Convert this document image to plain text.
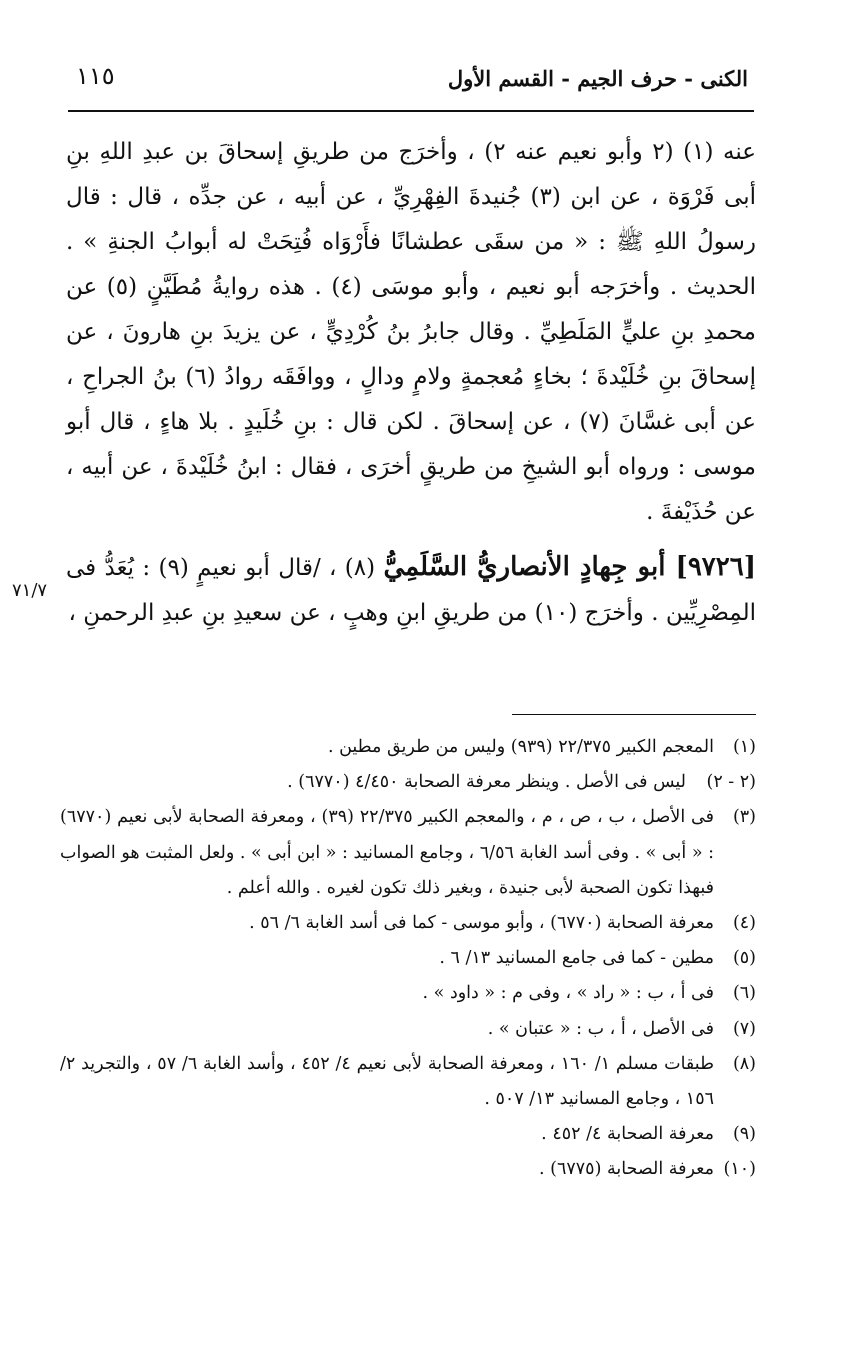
الكنى - حرف الجيم - القسم الأول
١١٥

عنه (١) (٢ وأبو نعيم عنه ٢) ، وأخرَج من طريقِ إسحاقَ بن عبدِ اللهِ بنِ أبى فَرْوَة ، عن ابن (٣) جُنيدةَ الفِهْرِيِّ ، عن أبيه ، عن جدِّه ، قال : قال رسولُ اللهِ ﷺ : « من سقَى عطشانًا فأَرْوَاه فُتِحَتْ له أبوابُ الجنةِ » . الحديث . وأخرَجه أبو نعيم ، وأبو موسَى (٤) . هذه روايةُ مُطَيَّنٍ (٥) عن محمدِ بنِ عليٍّ المَلَطِيِّ . وقال جابرُ بنُ كُرْدِيٍّ ، عن يزيدَ بنِ هارونَ ، عن إسحاقَ بنِ خُلَيْدةَ ؛ بخاءٍ مُعجمةٍ ولامٍ ودالٍ ، ووافَقَه روادُ (٦) بنُ الجراحِ ، عن أبى غسَّانَ (٧) ، عن إسحاقَ . لكن قال : بنِ خُلَيدٍ . بلا هاءٍ ، قال أبو موسى : ورواه أبو الشيخِ من طريقٍ أخرَى ، فقال : ابنُ خُلَيْدةَ ، عن أبيه ، عن حُذَيْفةَ .

[٩٧٢٦] أبو جِهادٍ الأنصاريُّ السَّلَمِيُّ (٨) ، /قال أبو نعيمٍ (٩) : يُعَدُّ فى المِصْرِيِّين . وأخرَج (١٠) من طريقِ ابنِ وهبٍ ، عن سعيدِ بنِ عبدِ الرحمنِ ،

٧١/٧
(١)
المعجم الكبير ٢٢/٣٧٥ (٩٣٩) وليس من طريق مطين .
(٢ - ٢)
ليس فى الأصل . وينظر معرفة الصحابة ٤/٤٥٠ (٦٧٧٠) .
(٣)
فى الأصل ، ب ، ص ، م ، والمعجم الكبير ٢٢/٣٧٥ (٣٩) ، ومعرفة الصحابة لأبى نعيم (٦٧٧٠) : « أبى » . وفى أسد الغابة ٦/٥٦ ، وجامع المسانيد : « ابن أبى » . ولعل المثبت هو الصواب فبهذا تكون الصحبة لأبى جنيدة ، وبغير ذلك تكون لغيره . والله أعلم .
(٤)
معرفة الصحابة (٦٧٧٠) ، وأبو موسى - كما فى أسد الغابة ٦/ ٥٦ .
(٥)
مطين - كما فى جامع المسانيد ١٣/ ٦ .
(٦)
فى أ ، ب : « راد » ، وفى م : « داود » .
(٧)
فى الأصل ، أ ، ب : « عتبان » .
(٨)
طبقات مسلم ١/ ١٦٠ ، ومعرفة الصحابة لأبى نعيم ٤/ ٤٥٢ ، وأسد الغابة ٦/ ٥٧ ، والتجريد ٢/ ١٥٦ ، وجامع المسانيد ١٣/ ٥٠٧ .
(٩)
معرفة الصحابة ٤/ ٤٥٢ .
(١٠)
معرفة الصحابة (٦٧٧٥) .
